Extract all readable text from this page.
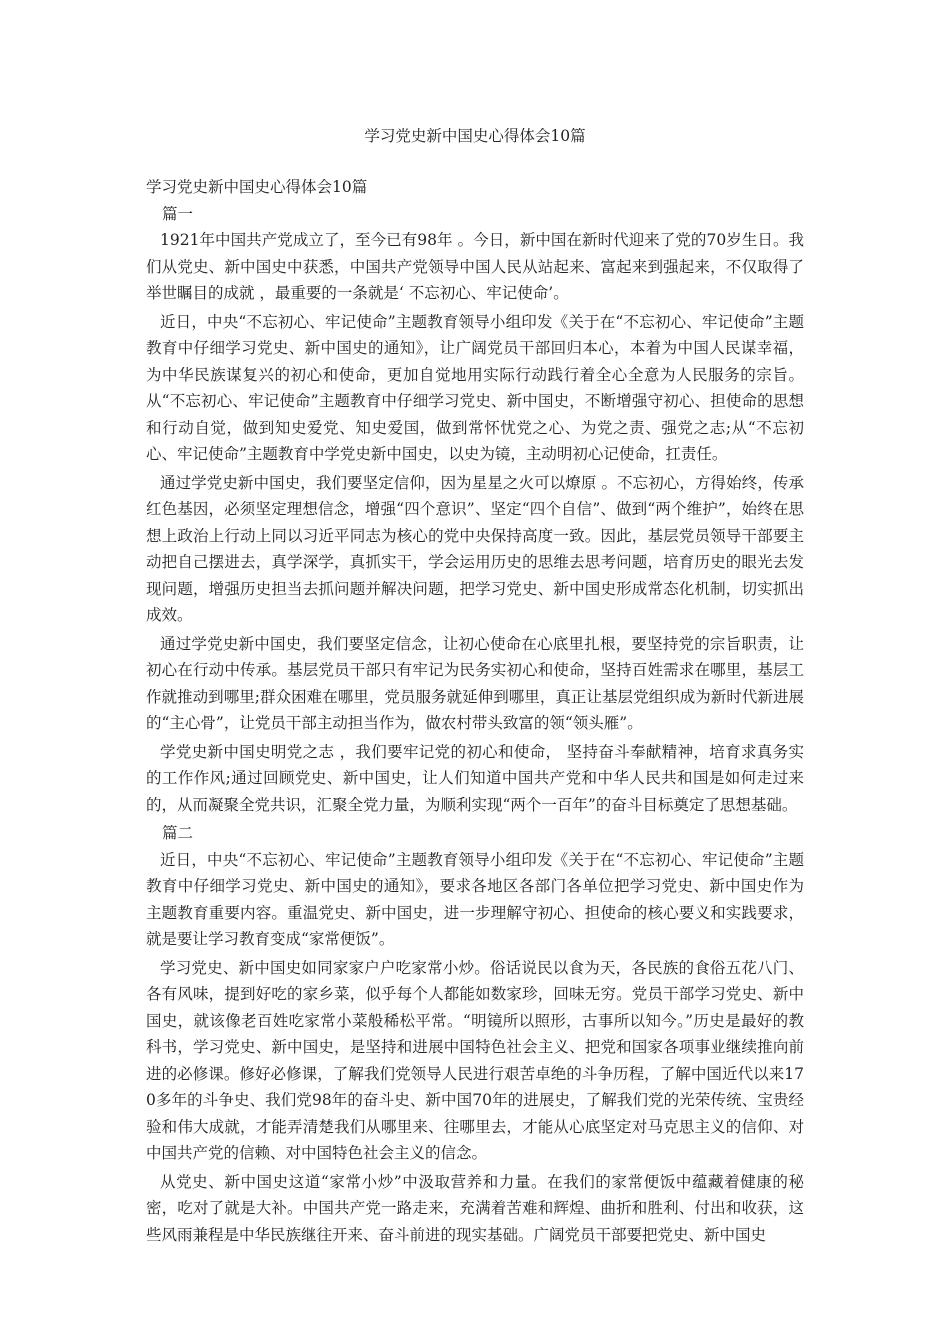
学习党史新中国史心得体会10篇

学习党史新中国史心得体会10篇

篇一

1921年中国共产党成立了，至今已有98年 。今日，新中国在新时代迎来了党的70岁生日。我们从党史、新中国史中获悉，中国共产党领导中国人民从站起来、富起来到强起来，不仅取得了举世瞩目的成就 ，最重要的一条就是‘ 不忘初心、牢记使命’。

近日，中央“不忘初心、牢记使命”主题教育领导小组印发《关于在“不忘初心、牢记使命”主题教育中仔细学习党史、新中国史的通知》，让广阔党员干部回归本心，本着为中国人民谋幸福，为中华民族谋复兴的初心和使命，更加自觉地用实际行动践行着全心全意为人民服务的宗旨。从“不忘初心、牢记使命”主题教育中仔细学习党史、新中国史，不断增强守初心、担使命的思想和行动自觉，做到知史爱党、知史爱国，做到常怀忧党之心、为党之责、强党之志;从“不忘初心、牢记使命”主题教育中学党史新中国史，以史为镜，主动明初心记使命，扛责任。

通过学党史新中国史，我们要坚定信仰，因为星星之火可以燎原 。不忘初心，方得始终，传承红色基因，必须坚定理想信念，增强“四个意识”、坚定“四个自信”、做到“两个维护”，始终在思想上政治上行动上同以习近平同志为核心的党中央保持高度一致。因此，基层党员领导干部要主动把自己摆进去，真学深学，真抓实干，学会运用历史的思维去思考问题，培育历史的眼光去发现问题，增强历史担当去抓问题并解决问题，把学习党史、新中国史形成常态化机制，切实抓出成效。

通过学党史新中国史，我们要坚定信念，让初心使命在心底里扎根，要坚持党的宗旨职责，让初心在行动中传承。基层党员干部只有牢记为民务实初心和使命，坚持百姓需求在哪里，基层工作就推动到哪里;群众困难在哪里，党员服务就延伸到哪里，真正让基层党组织成为新时代新进展的“主心骨”，让党员干部主动担当作为，做农村带头致富的领“领头雁”。

学党史新中国史明党之志 ，我们要牢记党的初心和使命， 坚持奋斗奉献精神，培育求真务实的工作作风;通过回顾党史、新中国史，让人们知道中国共产党和中华人民共和国是如何走过来的，从而凝聚全党共识，汇聚全党力量，为顺利实现“两个一百年”的奋斗目标奠定了思想基础。

篇二

近日，中央“不忘初心、牢记使命”主题教育领导小组印发《关于在“不忘初心、牢记使命”主题教育中仔细学习党史、新中国史的通知》，要求各地区各部门各单位把学习党史、新中国史作为主题教育重要内容。重温党史、新中国史，进一步理解守初心、担使命的核心要义和实践要求，就是要让学习教育变成“家常便饭”。

学习党史、新中国史如同家家户户吃家常小炒。俗话说民以食为天，各民族的食俗五花八门、各有风味，提到好吃的家乡菜，似乎每个人都能如数家珍，回味无穷。党员干部学习党史、新中国史，就该像老百姓吃家常小菜般稀松平常。“明镜所以照形，古事所以知今。”历史是最好的教科书，学习党史、新中国史，是坚持和进展中国特色社会主义、把党和国家各项事业继续推向前进的必修课。修好必修课，了解我们党领导人民进行艰苦卓绝的斗争历程，了解中国近代以来170多年的斗争史、我们党98年的奋斗史、新中国70年的进展史，了解我们党的光荣传统、宝贵经验和伟大成就，才能弄清楚我们从哪里来、往哪里去，才能从心底坚定对马克思主义的信仰、对中国共产党的信赖、对中国特色社会主义的信念。

从党史、新中国史这道“家常小炒”中汲取营养和力量。在我们的家常便饭中蕴藏着健康的秘密，吃对了就是大补。中国共产党一路走来，充满着苦难和辉煌、曲折和胜利、付出和收获，这些风雨兼程是中华民族继往开来、奋斗前进的现实基础。广阔党员干部要把党史、新中国史
